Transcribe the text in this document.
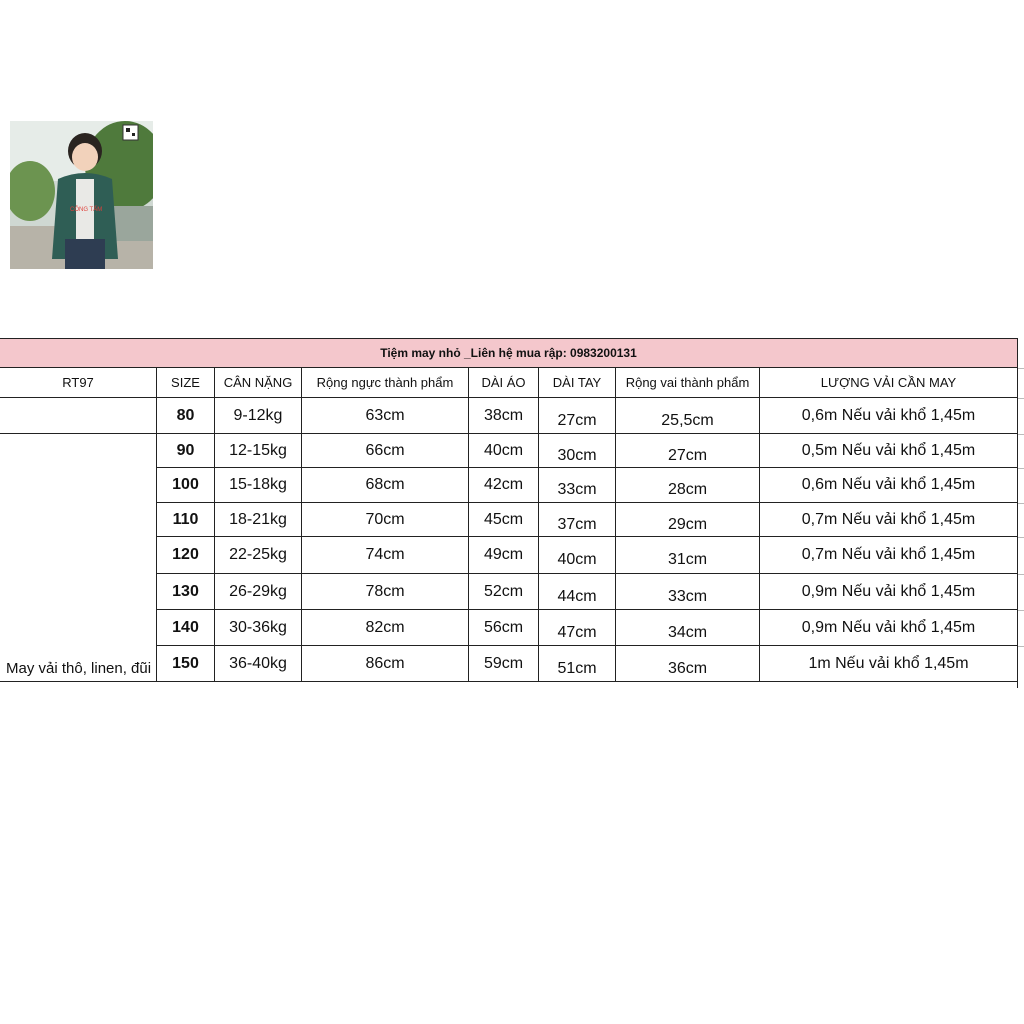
Tiệm may nhỏ _Liên hệ mua rập: 0983200131
RT97	SIZE	CÂN NẶNG	Rộng ngực thành phẩm	DÀI ÁO	DÀI TAY	Rộng vai thành phẩm	LƯỢNG VẢI CẦN MAY
May vải thô, linen, đũi
80	9-12kg	63cm	38cm	27cm	25,5cm	0,6m Nếu vải khổ 1,45m
90	12-15kg	66cm	40cm	30cm	27cm	0,5m Nếu vải khổ 1,45m
100	15-18kg	68cm	42cm	33cm	28cm	0,6m Nếu vải khổ 1,45m
110	18-21kg	70cm	45cm	37cm	29cm	0,7m Nếu vải khổ 1,45m
120	22-25kg	74cm	49cm	40cm	31cm	0,7m Nếu vải khổ 1,45m
130	26-29kg	78cm	52cm	44cm	33cm	0,9m Nếu vải khổ 1,45m
140	30-36kg	82cm	56cm	47cm	34cm	0,9m Nếu vải khổ 1,45m
150	36-40kg	86cm	59cm	51cm	36cm	1m Nếu vải khổ 1,45m
CÔNG TẤM
